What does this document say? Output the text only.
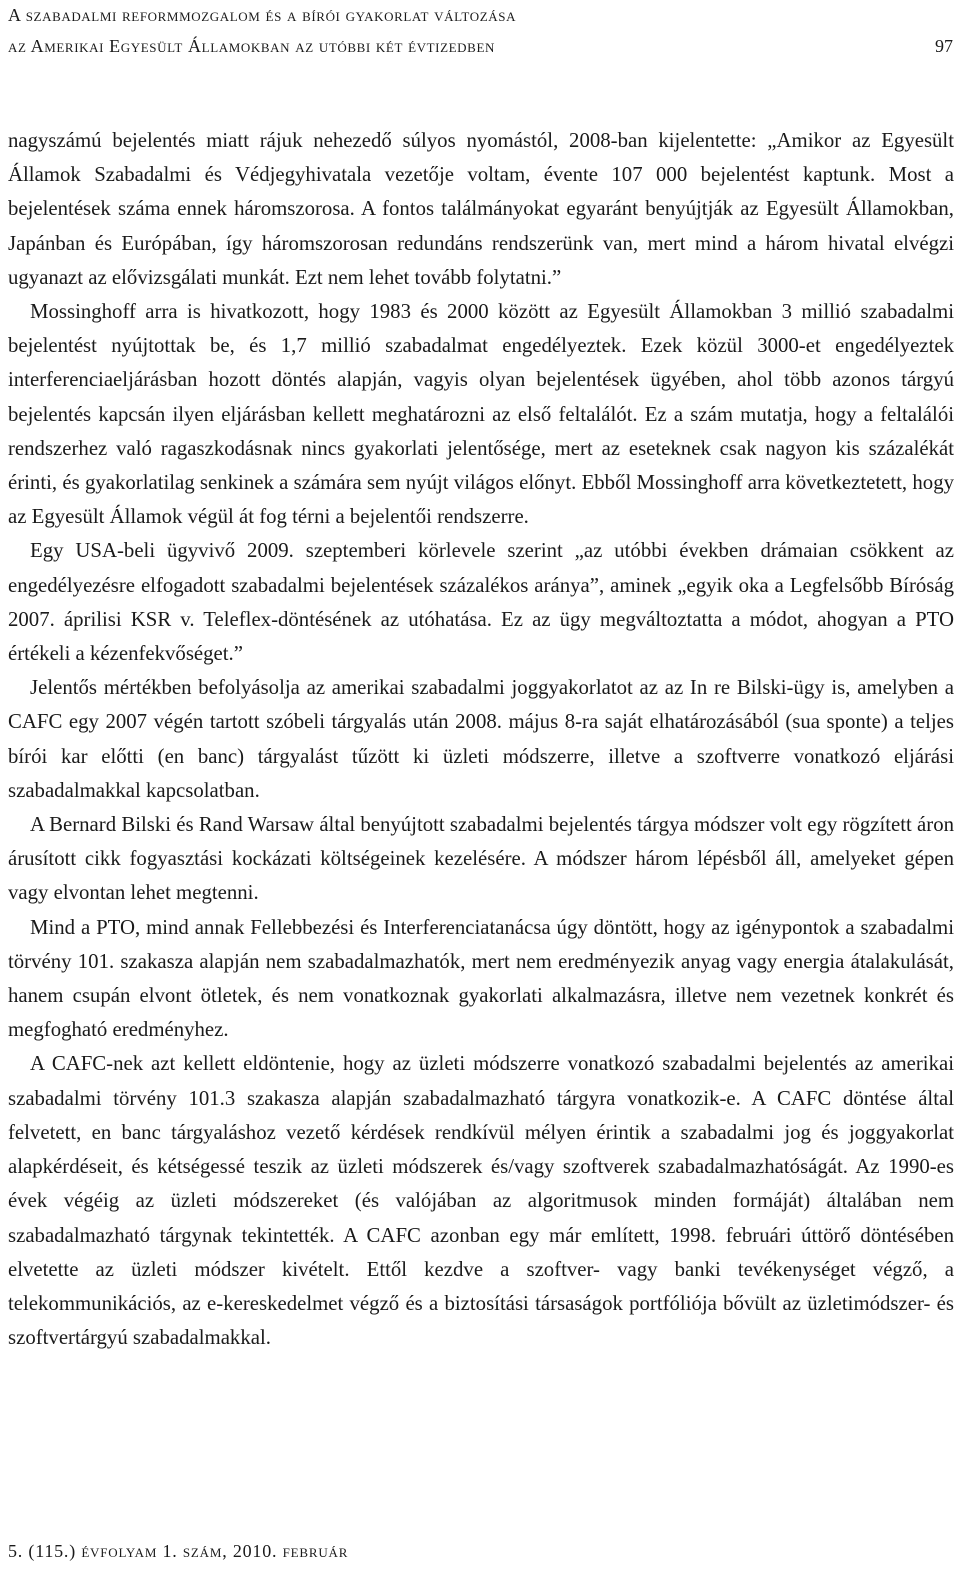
A szabadalmi reformmozgalom és a bírói gyakorlat változása
az Amerikai Egyesült Államokban az utóbbi két évtizedben	97

nagyszámú bejelentés miatt rájuk nehezedő súlyos nyomástól, 2008-ban kijelentette: „Amikor az Egyesült Államok Szabadalmi és Védjegyhivatala vezetője voltam, évente 107 000 bejelentést kaptunk. Most a bejelentések száma ennek háromszorosa. A fontos találmányokat egyaránt benyújtják az Egyesült Államokban, Japánban és Európában, így háromszorosan redundáns rendszerünk van, mert mind a három hivatal elvégzi ugyanazt az elővizsgálati munkát. Ezt nem lehet tovább folytatni.”

Mossinghoff arra is hivatkozott, hogy 1983 és 2000 között az Egyesült Államokban 3 millió szabadalmi bejelentést nyújtottak be, és 1,7 millió szabadalmat engedélyeztek. Ezek közül 3000-et engedélyeztek interferenciaeljárásban hozott döntés alapján, vagyis olyan bejelentések ügyében, ahol több azonos tárgyú bejelentés kapcsán ilyen eljárásban kellett meghatározni az első feltalálót. Ez a szám mutatja, hogy a feltalálói rendszerhez való ragaszkodásnak nincs gyakorlati jelentősége, mert az eseteknek csak nagyon kis százalékát érinti, és gyakorlatilag senkinek a számára sem nyújt világos előnyt. Ebből Mossinghoff arra következtetett, hogy az Egyesült Államok végül át fog térni a bejelentői rendszerre.

Egy USA-beli ügyvivő 2009. szeptemberi körlevele szerint „az utóbbi években drámaian csökkent az engedélyezésre elfogadott szabadalmi bejelentések százalékos aránya”, aminek „egyik oka a Legfelsőbb Bíróság 2007. áprilisi KSR v. Teleflex-döntésének az utóhatása. Ez az ügy megváltoztatta a módot, ahogyan a PTO értékeli a kézenfekvőséget.”

Jelentős mértékben befolyásolja az amerikai szabadalmi joggyakorlatot az az In re Bilski-ügy is, amelyben a CAFC egy 2007 végén tartott szóbeli tárgyalás után 2008. május 8-ra saját elhatározásából (sua sponte) a teljes bírói kar előtti (en banc) tárgyalást tűzött ki üzleti módszerre, illetve a szoftverre vonatkozó eljárási szabadalmakkal kapcsolatban.

A Bernard Bilski és Rand Warsaw által benyújtott szabadalmi bejelentés tárgya módszer volt egy rögzített áron árusított cikk fogyasztási kockázati költségeinek kezelésére. A módszer három lépésből áll, amelyeket gépen vagy elvontan lehet megtenni.

Mind a PTO, mind annak Fellebbezési és Interferenciatanácsa úgy döntött, hogy az igénypontok a szabadalmi törvény 101. szakasza alapján nem szabadalmazhatók, mert nem eredményezik anyag vagy energia átalakulását, hanem csupán elvont ötletek, és nem vonatkoznak gyakorlati alkalmazásra, illetve nem vezetnek konkrét és megfogható eredményhez.

A CAFC-nek azt kellett eldöntenie, hogy az üzleti módszerre vonatkozó szabadalmi bejelentés az amerikai szabadalmi törvény 101.3 szakasza alapján szabadalmazható tárgyra vonatkozik-e. A CAFC döntése által felvetett, en banc tárgyaláshoz vezető kérdések rendkívül mélyen érintik a szabadalmi jog és joggyakorlat alapkérdéseit, és kétségessé teszik az üzleti módszerek és/vagy szoftverek szabadalmazhatóságát. Az 1990-es évek végéig az üzleti módszereket (és valójában az algoritmusok minden formáját) általában nem szabadalmazható tárgynak tekintették. A CAFC azonban egy már említett, 1998. februári úttörő döntésében elvetette az üzleti módszer kivételt. Ettől kezdve a szoftver- vagy banki tevékenységet végző, a telekommunikációs, az e-kereskedelmet végző és a biztosítási társaságok portfóliója bővült az üzletimódszer- és szoftvertárgyú szabadalmakkal.

5. (115.) évfolyam 1. szám, 2010. február
